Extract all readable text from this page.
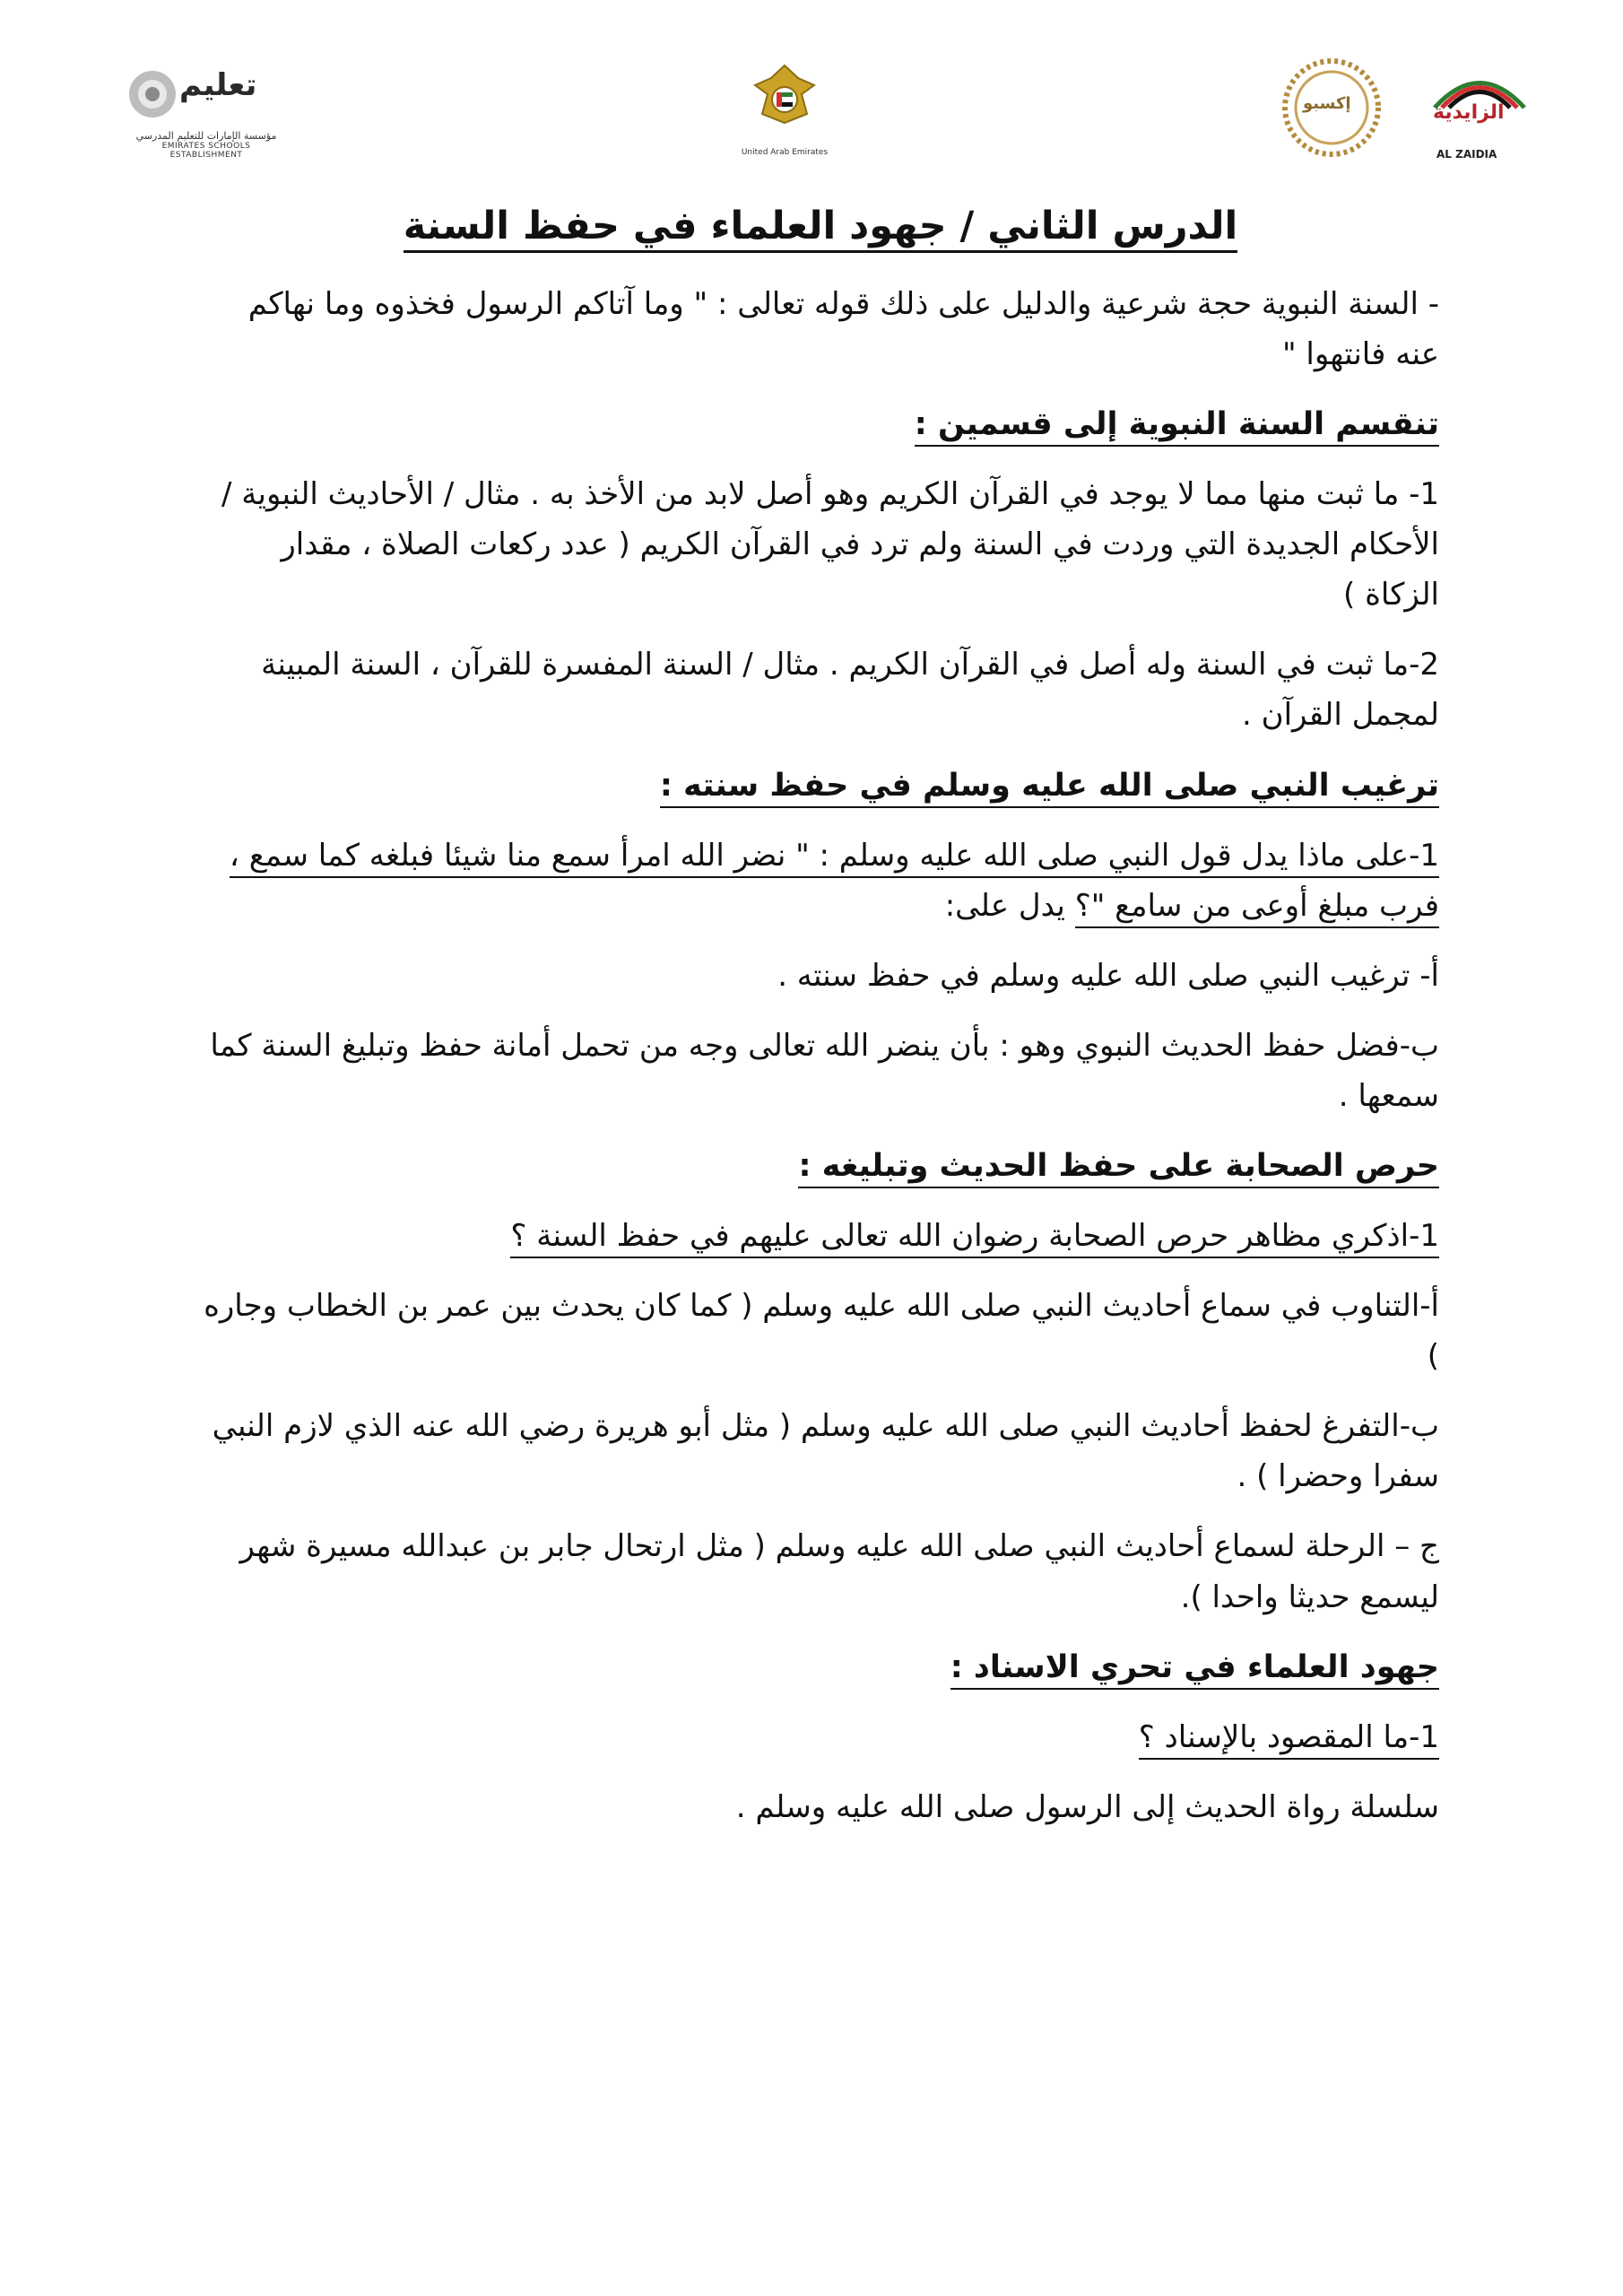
تعليم
مؤسسة الإمارات للتعليم المدرسي
EMIRATES SCHOOLS ESTABLISHMENT	United Arab Emirates
إكسبو	الزايدية
AL ZAIDIA
الدرس الثاني / جهود العلماء في حفظ السنة

- السنة النبوية حجة شرعية والدليل على ذلك قوله تعالى : " وما آتاكم الرسول فخذوه وما نهاكم عنه فانتهوا "

تنقسم السنة النبوية إلى قسمين :

1- ما ثبت منها مما لا يوجد في القرآن الكريم وهو أصل لابد من الأخذ به . مثال / الأحاديث النبوية / الأحكام الجديدة التي وردت في السنة ولم ترد في القرآن الكريم ( عدد ركعات الصلاة ، مقدار الزكاة )

2-ما ثبت في السنة وله أصل في القرآن الكريم . مثال / السنة المفسرة للقرآن ، السنة المبينة لمجمل القرآن .

ترغيب النبي صلى الله عليه وسلم في حفظ سنته :

1-على ماذا يدل قول النبي صلى الله عليه وسلم : " نضر الله امرأ سمع منا شيئا فبلغه كما سمع ، فرب مبلغ أوعى من سامع "؟ يدل على:

أ- ترغيب النبي صلى الله عليه وسلم في حفظ سنته .

ب-فضل حفظ الحديث النبوي وهو : بأن ينضر الله تعالى وجه من تحمل أمانة حفظ وتبليغ السنة كما سمعها .

حرص الصحابة على حفظ الحديث وتبليغه :

1-اذكري مظاهر حرص الصحابة رضوان الله تعالى عليهم في حفظ السنة ؟

أ-التناوب في سماع أحاديث النبي صلى الله عليه وسلم ( كما كان يحدث بين عمر بن الخطاب وجاره )

ب-التفرغ لحفظ أحاديث النبي صلى الله عليه وسلم ( مثل أبو هريرة رضي الله عنه الذي لازم النبي سفرا وحضرا ) .

ج – الرحلة لسماع أحاديث النبي صلى الله عليه وسلم ( مثل ارتحال جابر بن عبدالله مسيرة شهر ليسمع حديثا واحدا ).

جهود العلماء في تحري الاسناد :

1-ما المقصود بالإسناد ؟

سلسلة رواة الحديث إلى الرسول صلى الله عليه وسلم .
